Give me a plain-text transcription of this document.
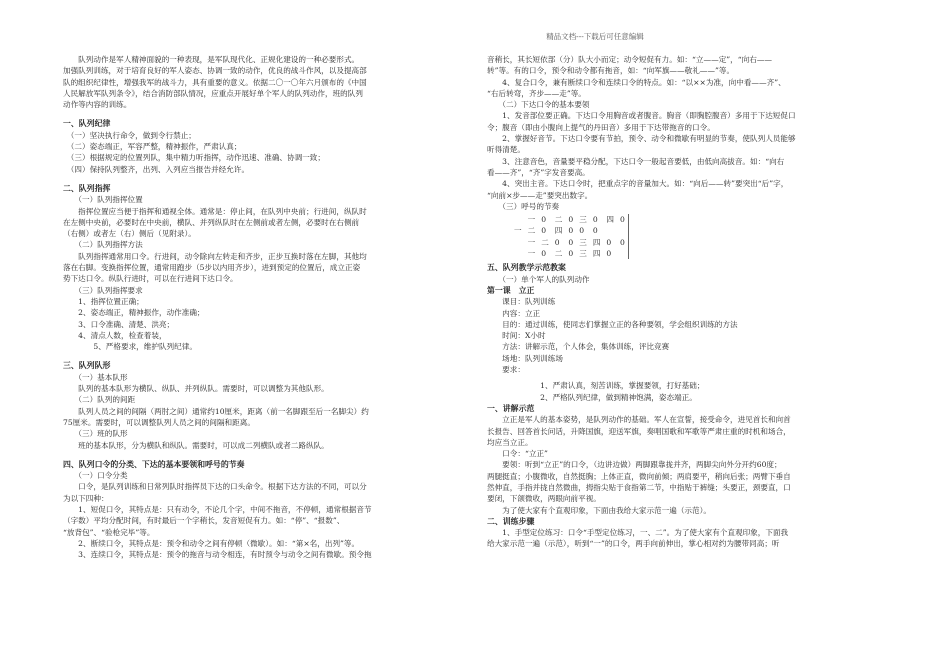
精品文档---下载后可任意编辑

　　队列动作是军人精神面貌的一种表现，是军队现代化、正规化建设的一种必要形式。

加强队列训练，对于培育良好的军人姿态、协调一致的动作，优良的战斗作风，以及提高部

队的组织纪律性，增强我军的战斗力，具有重要的意义。依据二〇一〇年六月颁布的《中国

人民解放军队列条令》，结合消防部队情况，应重点开展好单个军人的队列动作，班的队列

动作等内容的训练。

一、队列纪律

　（一）坚决执行命令，做到令行禁止；

　（二）姿态端正，军容严整，精神振作，严肃认真；

　（三）根据规定的位置列队，集中精力听指挥，动作迅速、准确、协调一致；

　（四）保持队列整齐，出列、入列应当报告并经允许。

二、队列指挥

　　（一）队列指挥位置

　　指挥位置应当便于指挥和通视全体。通常是：停止间，在队列中央前；行进间，纵队时

在左侧中央前，必要时在中央前，横队、并列纵队时在左侧前或者左侧，必要时在右侧前

（右侧）或者左（右）侧后（见附录）。

　　（二）队列指挥方法

　　队列指挥通常用口令。行进间，动令除向左转走和齐步，正步互换时落在左脚，其他均

落在右脚。变换指挥位置，通常用跑步（5步以内用齐步），进到预定的位置后，成立正姿

势下达口令。纵队行进时，可以在行进间下达口令。

　　（三）队列指挥要求

　　1、指挥位置正确；

　　2、姿态端正，精神振作，动作准确；

　　3、口令准确、清楚、洪亮；

　　4、清点人数，检查着装，

　　　　5、严格要求，维护队列纪律。

三、队列队形

　　（一）基本队形

　　队列的基本队形为横队、纵队、并列纵队。需要时，可以调整为其他队形。

　　（二）队列的间距

　　队列人员之间的间隔（两肘之间）通常约10厘米，距离（前一名脚跟至后一名脚尖）约

75厘米。需要时，可以调整队列人员之间的间隔和距离。

　　（三）班的队形

　　班的基本队形，分为横队和纵队。需要时，可以成二列横队或者二路纵队。

四、队列口令的分类、下达的基本要领和呼号的节奏

　　（一）口令分类

　　口令，是队列训练和日常列队时指挥员下达的口头命令。根据下达方法的不同，可以分

为以下四种：

　　1、短促口令，其特点是：只有动令，不论几个字，中间不拖音，不停顿，通常根据音节

（字数）平均分配时间，有时最后一个字稍长，发音短促有力。如：“停”、“报数”、

“放背包”、“验枪完毕”等。

　　2、断续口令，其特点是：预令和动令之间有停顿（微歇）。如：“第×名，出列”等。

　　3、连续口令，其特点是：预令的拖音与动令相连，有时预令与动令之间有微歇。预令拖

音稍长，其长短依部（分）队大小而定；动令短促有力。如：“立——定”，“向右——

转”等。有的口令，预令和动令都有拖音，如：“向军旗——敬礼——”等。

　　4、复合口令，兼有断续口令和连续口令的特点。如：“以××为准，向中看——齐”、

“右后转弯，齐步——走”等。

　　（二）下达口令的基本要领

　　1、发音部位要正确。下达口令用胸音或者腹音。胸音（即胸腔腹音）多用于下达短促口

令；腹音（即由小腹向上提气的丹田音）多用于下达带拖音的口令。

　　2、掌握好音节。下达口令要有节拍，预令、动令和微歇有明显的节奏，使队列人员能够

听得清楚。

　　3、注意音色，音量要平稳分配，下达口令一般起音要低，由低向高拔音。如：“向右

看——齐”，“齐”字发音要高。

　　4、突出主音。下达口令时，把重点字的音量加大。如：“向后——转”要突出“后”字，

“向前×步——走”要突出数字。

　　（三）呼号的节奏

	一	0	二	0	三	0	四	0	
一	二	0	四	0	0	0			
	一	二	0	0	三	四	0	0	
	一	0	二	0	三	四	0		

五、队列教学示范教案

　　（一）单个军人的队列动作

第一课　立正

　　课目：队列训练

　　内容：立正

　　目的：通过训练，使同志们掌握立正的各种要领，学会组织训练的方法

　　时间：X小时

　　方法：讲解示范，个人体会，集体训练，评比竞赛

　　场地：队列训练场

　　要求：

　　　　　　　1、严肃认真，刻苦训练，掌握要领，打好基础；

　　　　　　　2、严格队列纪律，做到精神饱满，姿态端正。

一、讲解示范

　　立正是军人的基本姿势，是队列动作的基础。军人在宣誓，接受命令，进见首长和向首

长报告、回答首长问话，升降国旗，迎送军旗，奏唱国歌和军歌等严肃庄重的时机和场合，

均应当立正。

　　口令：“立正”

　　要领：听到“立正”的口令，（边讲边做）两脚跟靠拢并齐，两脚尖向外分开约60度；

两腿挺直；小腹微收，自然挺胸；上体正直，微向前倾；两肩要平，稍向后张；两臂下垂自

然伸直，手指并拢自然微曲，拇指尖贴于食指第二节，中指贴于裤缝；头要正，颈要直，口

要闭，下颌微收，两眼向前平视。

　　为了使大家有个直观印象，下面由我给大家示范一遍（示范）。

二、训练步骤

　　1、手型定位练习：口令“手型定位练习，一、二”。为了使大家有个直观印象，下面我

给大家示范一遍（示范），听到“一”的口令，两手向前伸出，掌心相对约为腰带同高；听
